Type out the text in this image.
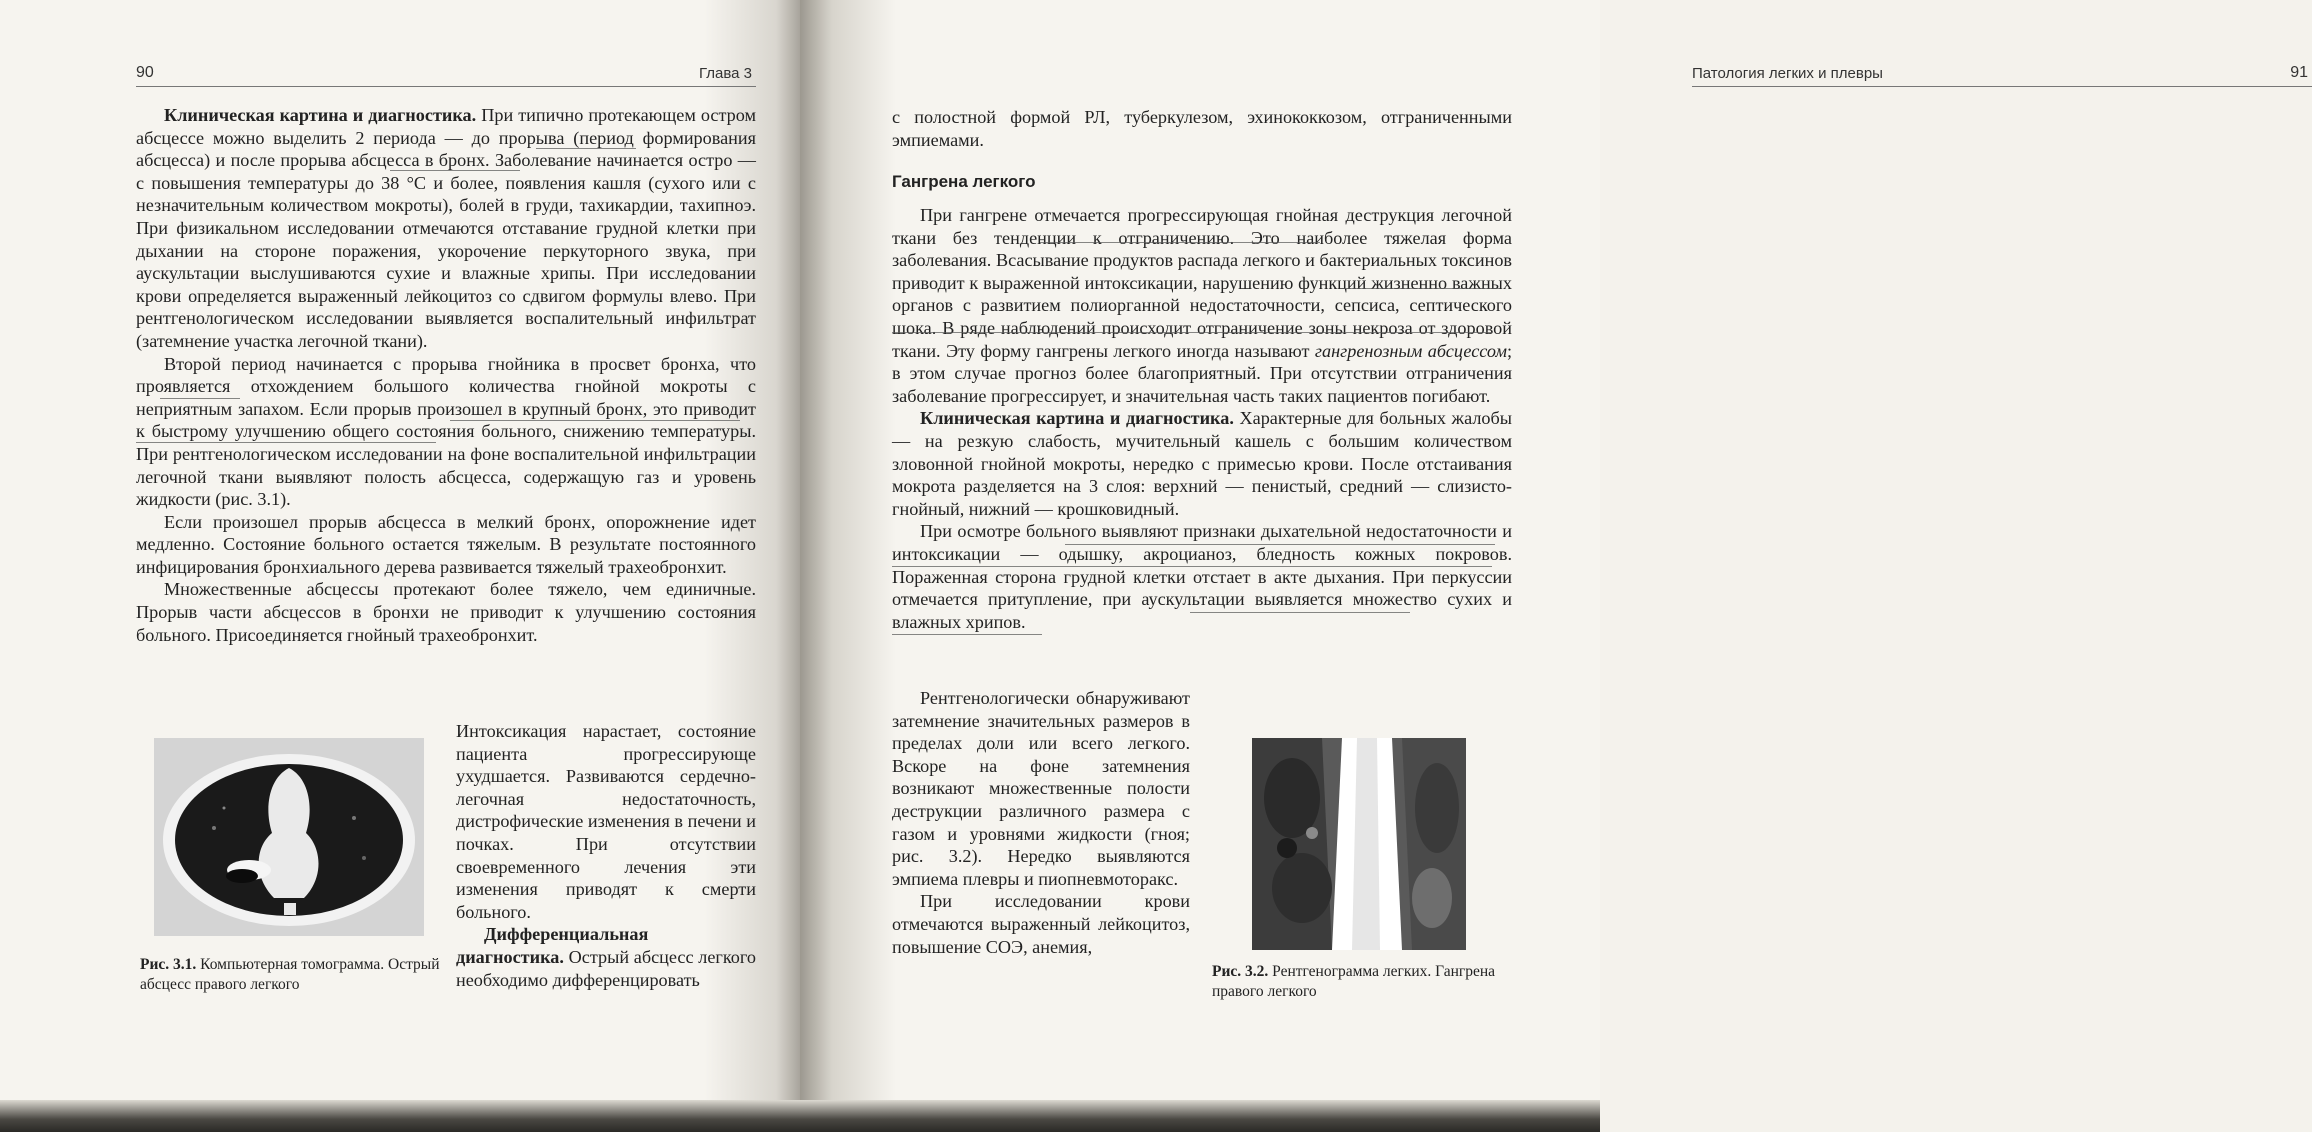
90	Глава 3

Клиническая картина и диагностика. При типично протекающем остром абсцессе можно выделить 2 периода — до прорыва (период формирования абсцесса) и после прорыва абсцесса в бронх. Заболевание начинается остро — с повышения температуры до 38 °С и более, появления кашля (сухого или с незначительным количеством мокроты), болей в груди, тахикардии, тахипноэ. При физикальном исследовании отмечаются отставание грудной клетки при дыхании на стороне поражения, укорочение перкуторного звука, при аускультации выслушиваются сухие и влажные хрипы. При исследовании крови определяется выраженный лейкоцитоз со сдвигом формулы влево. При рентгенологическом исследовании выявляется воспалительный инфильтрат (затемнение участка легочной ткани).

Второй период начинается с прорыва гнойника в просвет бронха, что проявляется отхождением большого количества гнойной мокроты с неприятным запахом. Если прорыв произошел в крупный бронх, это приводит к быстрому улучшению общего состояния больного, снижению температуры. При рентгенологическом исследовании на фоне воспалительной инфильтрации легочной ткани выявляют полость абсцесса, содержащую газ и уровень жидкости (рис. 3.1).

Если произошел прорыв абсцесса в мелкий бронх, опорожнение идет медленно. Состояние больного остается тяжелым. В результате постоянного инфицирования бронхиального дерева развивается тяжелый трахеобронхит.

Множественные абсцессы протекают более тяжело, чем единичные. Прорыв части абсцессов в бронхи не приводит к улучшению состояния больного. Присоединяется гнойный трахеобронхит.

Рис. 3.1. Компьютерная томограмма. Острый абсцесс правого легкого

Интоксикация нарастает, состояние пациента прогрессирующе ухудшается. Развиваются сердечно-легочная недостаточность, дистрофические изменения в печени и почках. При отсутствии своевременного лечения эти изменения приводят к смерти больного.

Дифференциальная диагностика. Острый абсцесс легкого необходимо дифференцировать

Патология легких и плевры	91

с полостной формой РЛ, туберкулезом, эхинококкозом, отграниченными эмпиемами.

Гангрена легкого

При гангрене отмечается прогрессирующая гнойная деструкция легочной ткани без тенденции к отграничению. Это наиболее тяжелая форма заболевания. Всасывание продуктов распада легкого и бактериальных токсинов приводит к выраженной интоксикации, нарушению функций жизненно важных органов с развитием полиорганной недостаточности, сепсиса, септического шока. В ряде наблюдений происходит отграничение зоны некроза от здоровой ткани. Эту форму гангрены легкого иногда называют гангренозным абсцессом; в этом случае прогноз более благоприятный. При отсутствии отграничения заболевание прогрессирует, и значительная часть таких пациентов погибают.

Клиническая картина и диагностика. Характерные для больных жалобы — на резкую слабость, мучительный кашель с большим количеством зловонной гнойной мокроты, нередко с примесью крови. После отстаивания мокрота разделяется на 3 слоя: верхний — пенистый, средний — слизисто-гнойный, нижний — крошковидный.

При осмотре больного выявляют признаки дыхательной недостаточности и интоксикации — одышку, акроцианоз, бледность кожных покровов. Пораженная сторона грудной клетки отстает в акте дыхания. При перкуссии отмечается притупление, при аускультации выявляется множество сухих и влажных хрипов.

Рентгенологически обнаруживают затемнение значительных размеров в пределах доли или всего легкого. Вскоре на фоне затемнения возникают множественные полости деструкции различного размера с газом и уровнями жидкости (гноя; рис. 3.2). Нередко выявляются эмпиема плевры и пиопневмоторакс.

При исследовании крови отмечаются выраженный лейкоцитоз, повышение СОЭ, анемия,

Рис. 3.2. Рентгенограмма легких. Гангрена правого легкого
